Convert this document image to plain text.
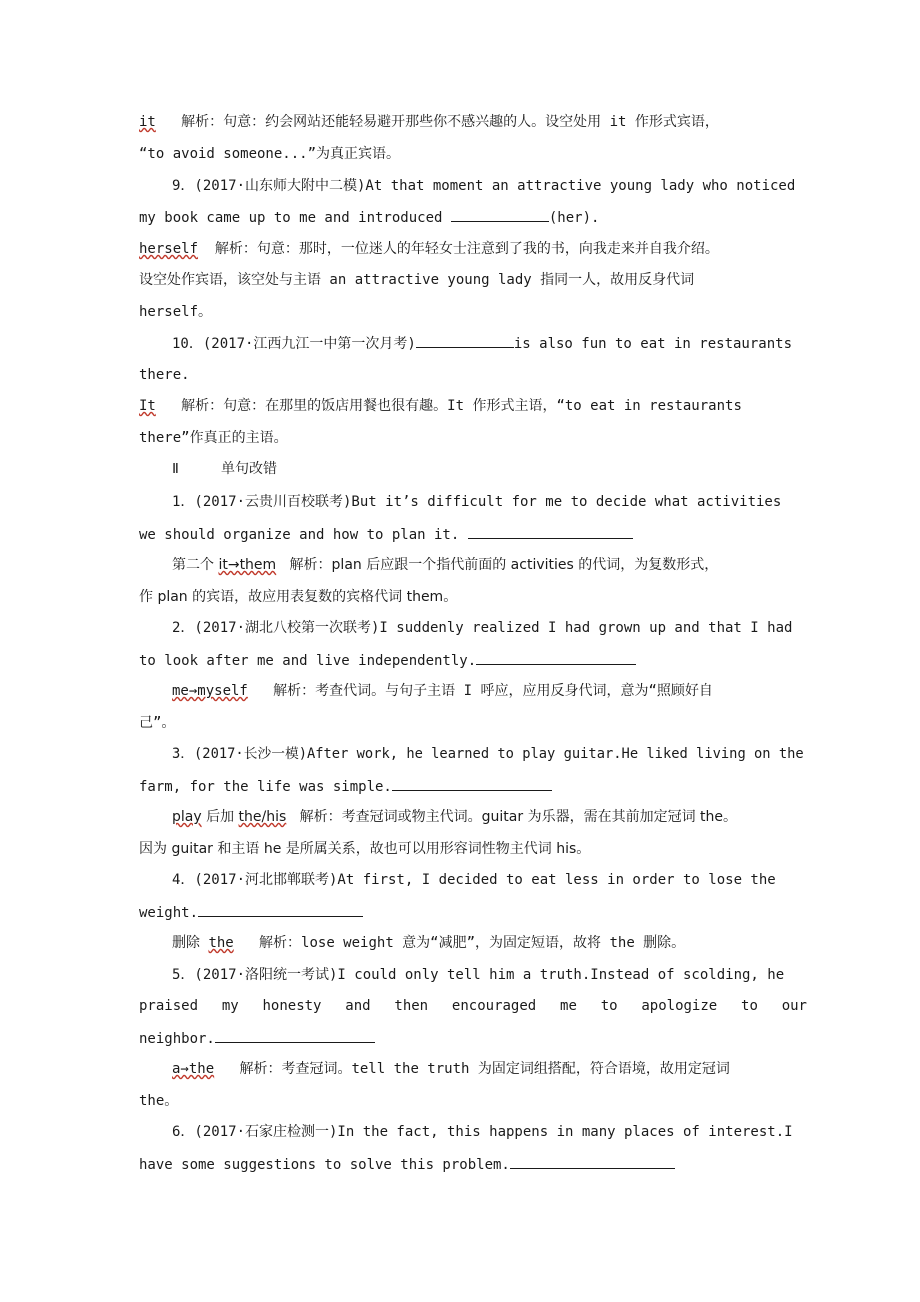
it 解析：句意：约会网站还能轻易避开那些你不感兴趣的人。设空处用 it 作形式宾语，
“to avoid someone...”为真正宾语。
9．(2017·山东师大附中二模)At that moment an attractive young lady who noticed
my book came up to me and introduced	(her).
herself 解析：句意：那时，一位迷人的年轻女士注意到了我的书，向我走来并自我介绍。
设空处作宾语，该空处与主语 an attractive young lady 指同一人，故用反身代词
herself。
10．(2017·江西九江一中第一次月考)	is also fun to eat in restaurants
there.
It 解析：句意：在那里的饭店用餐也很有趣。It 作形式主语，“to eat in restaurants
there”作真正的主语。
Ⅱ	单句改错
1．(2017·云贵川百校联考)But it’s difficult for me to decide what activities
we should organize and how to plan it.
第二个 it→them 解析：plan 后应跟一个指代前面的 activities 的代词，为复数形式，
作 plan 的宾语，故应用表复数的宾格代词 them。
2．(2017·湖北八校第一次联考)I suddenly realized I had grown up and that I had
to look after me and live independently.
me→myself 解析：考查代词。与句子主语 I 呼应，应用反身代词，意为“照顾好自
己”。
3．(2017·长沙一模)After work, he learned to play guitar.He liked living on the
farm, for the life was simple.
play 后加 the/his 解析：考查冠词或物主代词。guitar 为乐器，需在其前加定冠词 the。
因为 guitar 和主语 he 是所属关系，故也可以用形容词性物主代词 his。
4．(2017·河北邯郸联考)At first, I decided to eat less in order to lose the
weight.
删除 the 解析：lose weight 意为“减肥”，为固定短语，故将 the 删除。
5．(2017·洛阳统一考试)I could only tell him a truth.Instead of scolding, he
praised  my  honesty  and  then  encouraged  me  to  apologize  to  our
neighbor.
a→the 解析：考查冠词。tell the truth 为固定词组搭配，符合语境，故用定冠词
the。
6．(2017·石家庄检测一)In the fact, this happens in many places of interest.I
have some suggestions to solve this problem.
